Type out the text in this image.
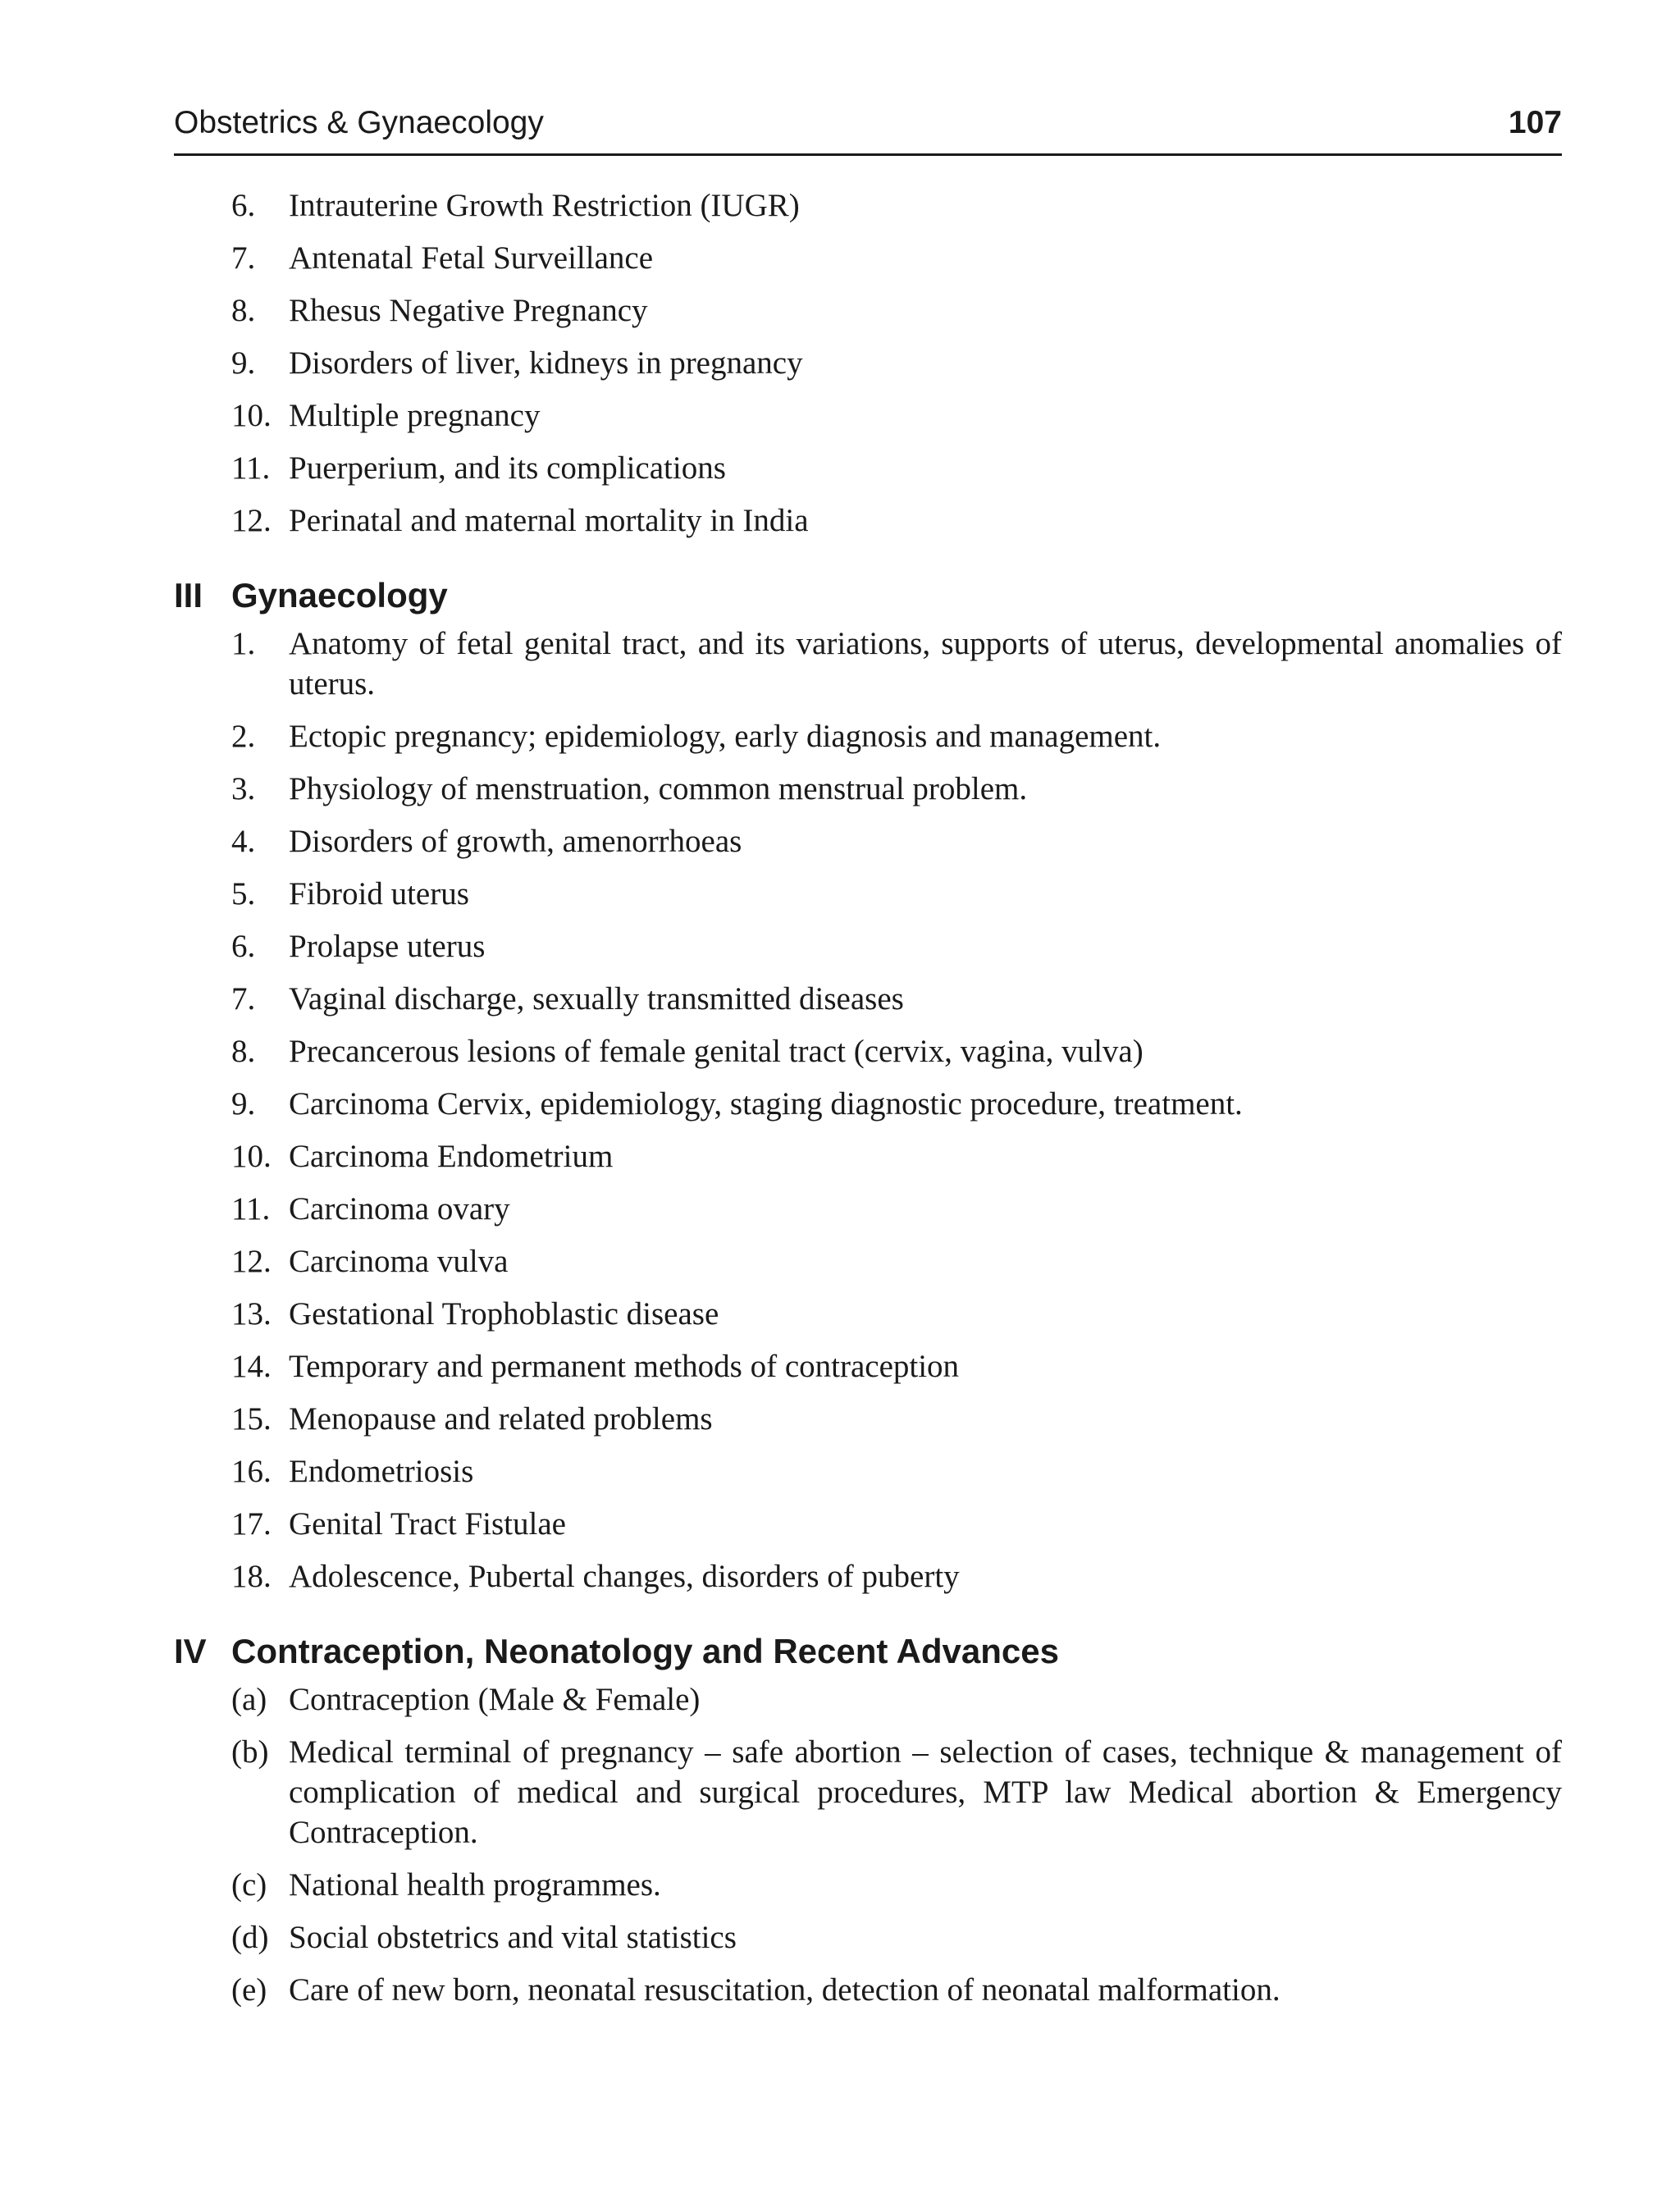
Obstetrics & Gynaecology	107
6.	Intrauterine Growth Restriction (IUGR)
7.	Antenatal Fetal Surveillance
8.	Rhesus Negative Pregnancy
9.	Disorders of liver, kidneys in pregnancy
10. Multiple pregnancy
11. Puerperium, and its complications
12. Perinatal and maternal mortality in India
III Gynaecology
1.	Anatomy of fetal genital tract, and its variations, supports of uterus, developmental anomalies of uterus.
2.	Ectopic pregnancy; epidemiology, early diagnosis and management.
3.	Physiology of menstruation, common menstrual problem.
4.	Disorders of growth, amenorrhoeas
5.	Fibroid uterus
6.	Prolapse uterus
7.	Vaginal discharge, sexually transmitted diseases
8.	Precancerous lesions of female genital tract (cervix, vagina, vulva)
9.	Carcinoma Cervix, epidemiology, staging diagnostic procedure, treatment.
10. Carcinoma Endometrium
11. Carcinoma ovary
12. Carcinoma vulva
13. Gestational Trophoblastic disease
14. Temporary and permanent methods of contraception
15. Menopause and related problems
16. Endometriosis
17. Genital Tract Fistulae
18. Adolescence, Pubertal changes, disorders of puberty
IV Contraception, Neonatology and Recent Advances
(a) Contraception (Male & Female)
(b) Medical terminal of pregnancy – safe abortion – selection of cases, technique & management of complication of medical and surgical procedures, MTP law Medical abortion & Emergency Contraception.
(c) National health programmes.
(d) Social obstetrics and vital statistics
(e) Care of new born, neonatal resuscitation, detection of neonatal malformation.
